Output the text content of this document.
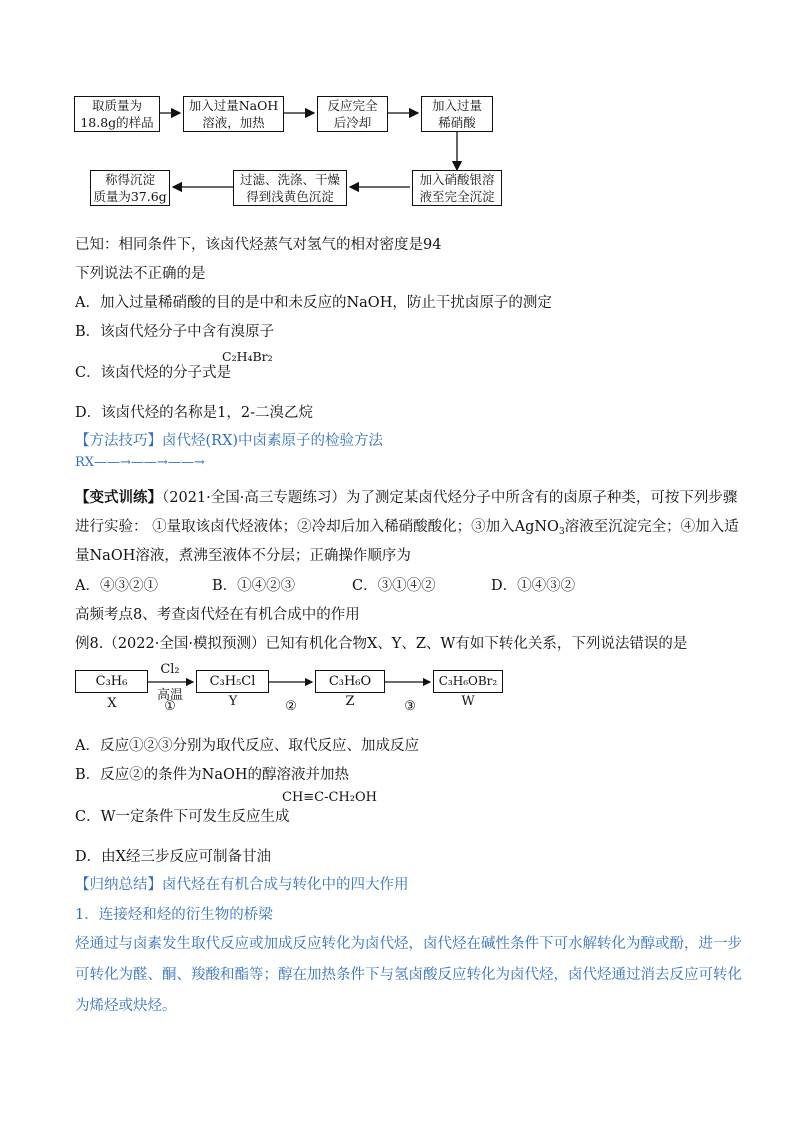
取质量为
18.8g的样品
加入过量NaOH
溶液，加热
反应完全
后冷却
加入过量
稀硝酸
加入硝酸银溶
液至完全沉淀
过滤、洗涤、干燥
得到浅黄色沉淀
称得沉淀
质量为37.6g
已知：相同条件下，该卤代烃蒸气对氢气的相对密度是94
下列说法不正确的是
A．加入过量稀硝酸的目的是中和未反应的NaOH，防止干扰卤原子的测定
B．该卤代烃分子中含有溴原子
C．该卤代烃的分子式是
C₂H₄Br₂
D．该卤代烃的名称是1，2-二溴乙烷
【方法技巧】卤代烃(RX)中卤素原子的检验方法
RX——→——→——→
【变式训练】（2021·全国·高三专题练习）为了测定某卤代烃分子中所含有的卤原子种类，可按下列步骤
进行实验： ①量取该卤代烃液体；②冷却后加入稀硝酸酸化；③加入AgNO$_3$溶液至沉淀完全；④加入适
量NaOH溶液，煮沸至液体不分层；正确操作顺序为
A．④③②①	B．①④②③	C．③①④②	D．①④③②
高频考点8、考查卤代烃在有机合成中的作用
例8.（2022·全国·模拟预测）已知有机化合物X、Y、Z、W有如下转化关系，下列说法错误的是
C₃H₆	C₃H₅Cl	C₃H₆O	C₃H₆OBr₂
Cl₂
高温
①	②	③
X	Y	Z	W
A．反应①②③分别为取代反应、取代反应、加成反应
B．反应②的条件为NaOH的醇溶液并加热
C．W一定条件下可发生反应生成
CH≡C-CH₂OH
D．由X经三步反应可制备甘油
【归纳总结】卤代烃在有机合成与转化中的四大作用
1．连接烃和烃的衍生物的桥梁
烃通过与卤素发生取代反应或加成反应转化为卤代烃，卤代烃在碱性条件下可水解转化为醇或酚，进一步
可转化为醛、酮、羧酸和酯等；醇在加热条件下与氢卤酸反应转化为卤代烃，卤代烃通过消去反应可转化
为烯烃或炔烃。
